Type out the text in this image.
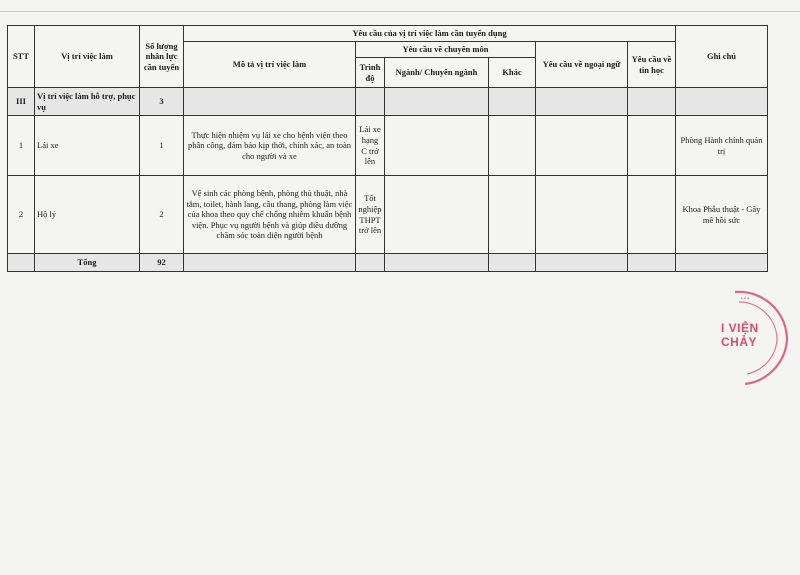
STT	Vị trí việc làm	Số lượng nhân lực cần tuyển	Yêu cầu của vị trí việc làm cần tuyển dụng						Ghi chú
			Mô tả vị trí việc làm	Yêu cầu về chuyên môn			Yêu cầu về ngoại ngữ	Yêu cầu về tin học	
				Trình độ	Ngành/ Chuyên ngành	Khác			
III	Vị trí việc làm hỗ trợ, phục vụ	3							
1	Lái xe	1	Thực hiện nhiệm vụ lái xe cho bệnh viện theo phân công, đảm bảo kịp thời, chính xác, an toàn cho người và xe	Lái xe hạng C trở lên					Phòng Hành chính quản trị
2	Hộ lý	2	Vệ sinh các phòng bệnh, phòng thủ thuật, nhà tắm, toilet, hành lang, cầu thang, phòng làm việc của khoa theo quy chế chống nhiễm khuẩn bệnh viện. Phục vụ người bệnh và giúp điều dưỡng chăm sóc toàn diện người bệnh	Tốt nghiệp THPT trở lên					Khoa Phẫu thuật - Gây mê hồi sức
	Tổng	92							
• • •
· · · ·
· · ·
I VIỆN
CHẢY
